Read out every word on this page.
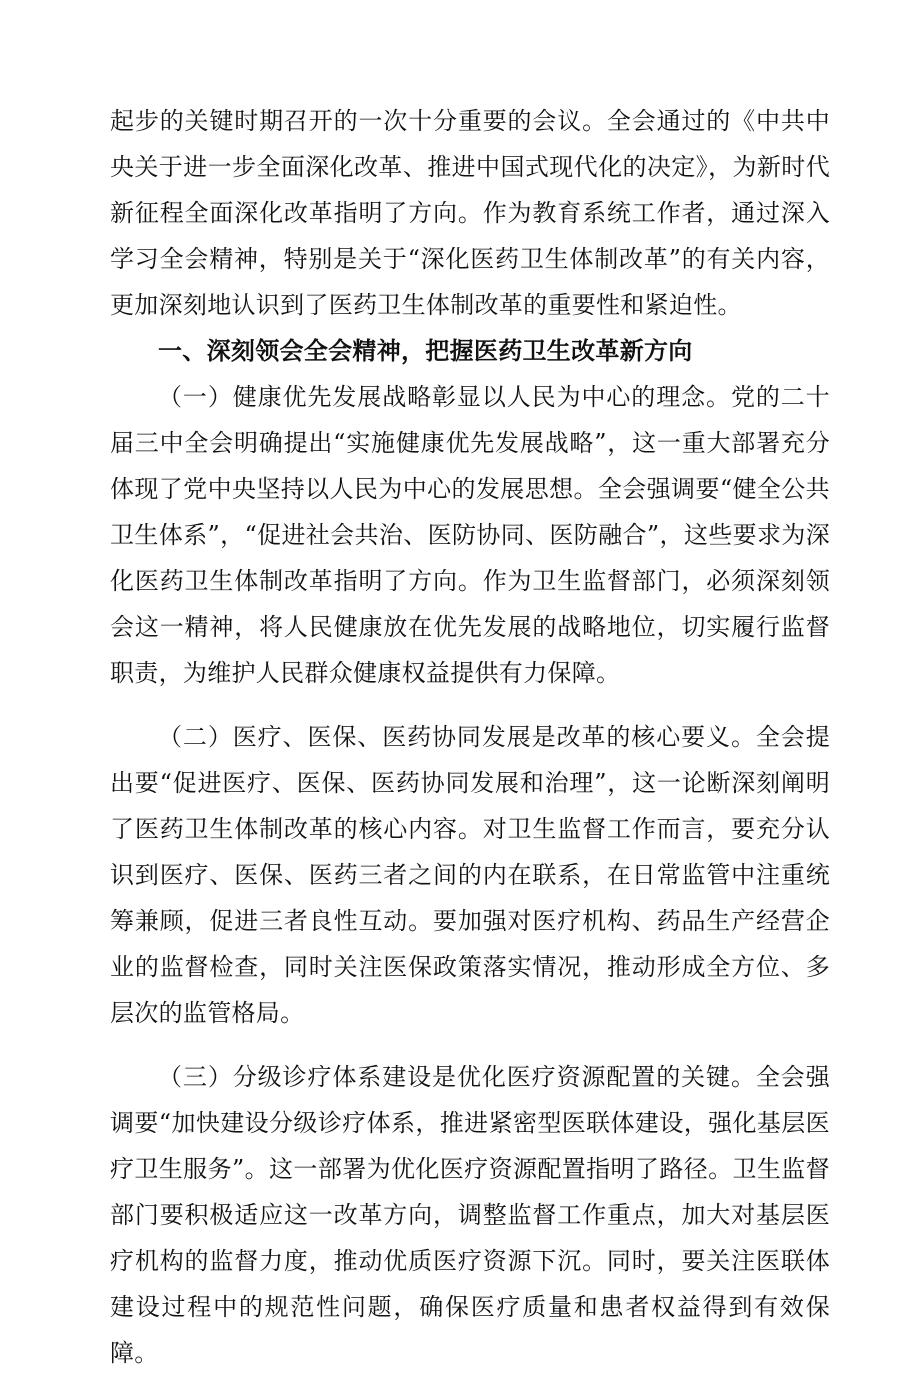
起步的关键时期召开的一次十分重要的会议。全会通过的《中共中央关于进一步全面深化改革、推进中国式现代化的决定》，为新时代新征程全面深化改革指明了方向。作为教育系统工作者，通过深入学习全会精神，特别是关于“深化医药卫生体制改革”的有关内容，更加深刻地认识到了医药卫生体制改革的重要性和紧迫性。

一、深刻领会全会精神，把握医药卫生改革新方向

（一）健康优先发展战略彰显以人民为中心的理念。党的二十届三中全会明确提出“实施健康优先发展战略”，这一重大部署充分体现了党中央坚持以人民为中心的发展思想。全会强调要“健全公共卫生体系”，“促进社会共治、医防协同、医防融合”，这些要求为深化医药卫生体制改革指明了方向。作为卫生监督部门，必须深刻领会这一精神，将人民健康放在优先发展的战略地位，切实履行监督职责，为维护人民群众健康权益提供有力保障。

（二）医疗、医保、医药协同发展是改革的核心要义。全会提出要“促进医疗、医保、医药协同发展和治理”，这一论断深刻阐明了医药卫生体制改革的核心内容。对卫生监督工作而言，要充分认识到医疗、医保、医药三者之间的内在联系，在日常监管中注重统筹兼顾，促进三者良性互动。要加强对医疗机构、药品生产经营企业的监督检查，同时关注医保政策落实情况，推动形成全方位、多层次的监管格局。

（三）分级诊疗体系建设是优化医疗资源配置的关键。全会强调要“加快建设分级诊疗体系，推进紧密型医联体建设，强化基层医疗卫生服务”。这一部署为优化医疗资源配置指明了路径。卫生监督部门要积极适应这一改革方向，调整监督工作重点，加大对基层医疗机构的监督力度，推动优质医疗资源下沉。同时，要关注医联体建设过程中的规范性问题，确保医疗质量和患者权益得到有效保障。
